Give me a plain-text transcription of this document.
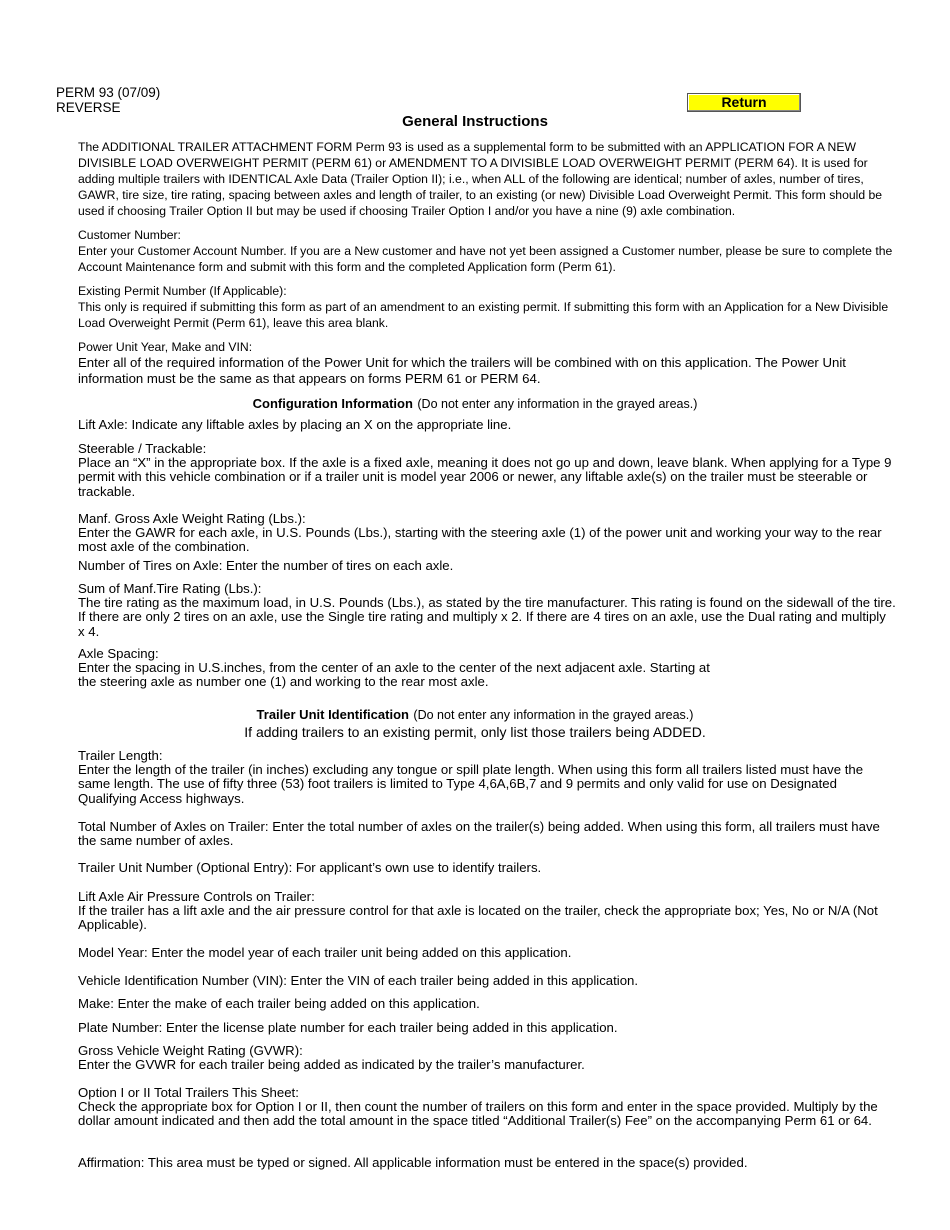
PERM 93 (07/09)
REVERSE	Return
General Instructions
The ADDITIONAL TRAILER ATTACHMENT FORM Perm 93 is used as a supplemental form to be submitted with an APPLICATION FOR A NEW DIVISIBLE LOAD OVERWEIGHT PERMIT (PERM 61) or AMENDMENT TO A DIVISIBLE LOAD OVERWEIGHT PERMIT (PERM 64). It is used for adding multiple trailers with IDENTICAL Axle Data (Trailer Option II); i.e., when ALL of the following are identical; number of axles, number of tires, GAWR, tire size, tire rating, spacing between axles and length of trailer, to an existing (or new) Divisible Load Overweight Permit. This form should be used if choosing Trailer Option II but may be used if choosing Trailer Option I and/or you have a nine (9) axle combination.
Customer Number:
Enter your Customer Account Number. If you are a New customer and have not yet been assigned a Customer number, please be sure to complete the Account Maintenance form and submit with this form and the completed Application form (Perm 61).
Existing Permit Number (If Applicable):
This only is required if submitting this form as part of an amendment to an existing permit. If submitting this form with an Application for a New Divisible Load Overweight Permit (Perm 61), leave this area blank.
Power Unit Year, Make and VIN:
Enter all of the required information of the Power Unit for which the trailers will be combined with on this application. The Power Unit information must be the same as that appears on forms PERM 61 or PERM 64.
Configuration Information (Do not enter any information in the grayed areas.)
Lift Axle: Indicate any liftable axles by placing an X on the appropriate line.
Steerable / Trackable:
Place an “X” in the appropriate box. If the axle is a fixed axle, meaning it does not go up and down, leave blank. When applying for a Type 9 permit with this vehicle combination or if a trailer unit is model year 2006 or newer, any liftable axle(s) on the trailer must be steerable or trackable.
Manf. Gross Axle Weight Rating (Lbs.):
Enter the GAWR for each axle, in U.S. Pounds (Lbs.), starting with the steering axle (1) of the power unit and working your way to the rear most axle of the combination.
Number of Tires on Axle: Enter the number of tires on each axle.
Sum of Manf.Tire Rating (Lbs.):
The tire rating as the maximum load, in U.S. Pounds (Lbs.), as stated by the tire manufacturer. This rating is found on the sidewall of the tire. If there are only 2 tires on an axle, use the Single tire rating and multiply x 2. If there are 4 tires on an axle, use the Dual rating and multiply x 4.
Axle Spacing:
Enter the spacing in U.S.inches, from the center of an axle to the center of the next adjacent axle. Starting at
the steering axle as number one (1) and working to the rear most axle.
Trailer Unit Identification (Do not enter any information in the grayed areas.)
If adding trailers to an existing permit, only list those trailers being ADDED.
Trailer Length:
Enter the length of the trailer (in inches) excluding any tongue or spill plate length. When using this form all trailers listed must have the same length. The use of fifty three (53) foot trailers is limited to Type 4,6A,6B,7 and 9 permits and only valid for use on Designated Qualifying Access highways.
Total Number of Axles on Trailer: Enter the total number of axles on the trailer(s) being added. When using this form, all trailers must have the same number of axles.
Trailer Unit Number (Optional Entry): For applicant’s own use to identify trailers.
Lift Axle Air Pressure Controls on Trailer:
If the trailer has a lift axle and the air pressure control for that axle is located on the trailer, check the appropriate box; Yes, No or N/A (Not Applicable).
Model Year: Enter the model year of each trailer unit being added on this application.
Vehicle Identification Number (VIN): Enter the VIN of each trailer being added in this application.
Make: Enter the make of each trailer being added on this application.
Plate Number: Enter the license plate number for each trailer being added in this application.
Gross Vehicle Weight Rating (GVWR):
Enter the GVWR for each trailer being added as indicated by the trailer’s manufacturer.
Option I or II Total Trailers This Sheet:
Check the appropriate box for Option I or II, then count the number of trailers on this form and enter in the space provided. Multiply by the dollar amount indicated and then add the total amount in the space titled “Additional Trailer(s) Fee” on the accompanying Perm 61 or 64.
Affirmation: This area must be typed or signed. All applicable information must be entered in the space(s) provided.
